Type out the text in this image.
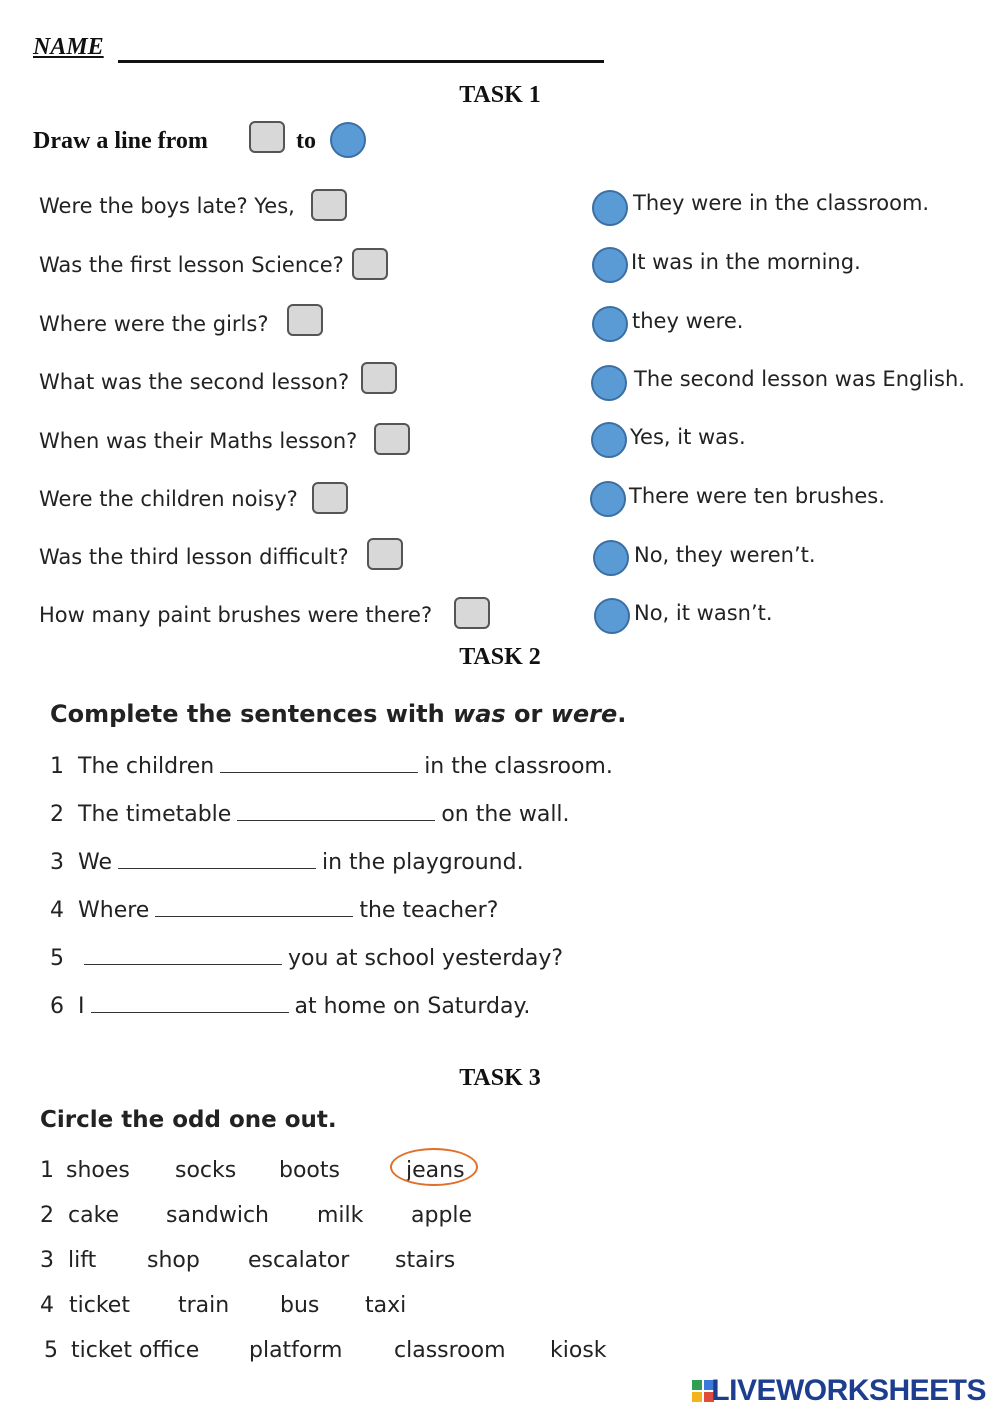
NAME
TASK 1
Draw a line from	to
Were the boys late? Yes,
Was the first lesson Science?
Where were the girls?
What was the second lesson?
When was their Maths lesson?
Were the children noisy?
Was the third lesson difficult?
How many paint brushes were there?
They were in the classroom.
It was in the morning.
they were.
The second lesson was English.
Yes, it was.
There were ten brushes.
No, they weren’t.
No, it wasn’t.
TASK 2
Complete the sentences with was or were.
1 The children	in the classroom.
2 The timetable	on the wall.
3 We	in the playground.
4 Where	the teacher?
5	you at school yesterday?
6 I	at home on Saturday.
TASK 3
Circle the odd one out.
1 shoes socks boots	jeans
2 cake sandwich milk apple
3 lift shop escalator stairs
4 ticket train bus taxi
5 ticket office platform classroom kiosk
LIVEWORKSHEETS
